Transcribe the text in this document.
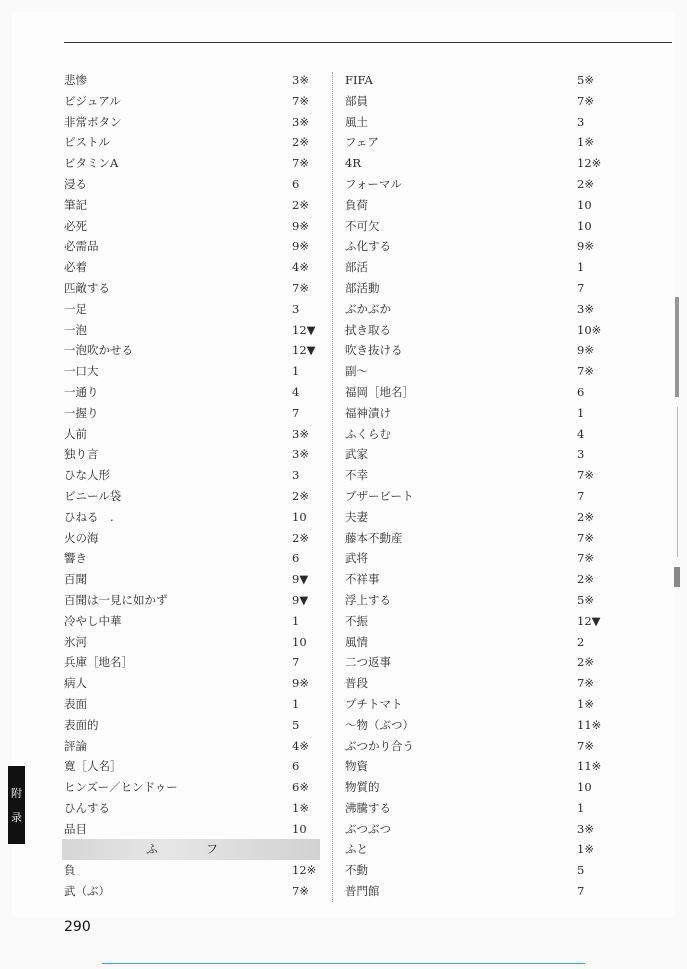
悲惨	3※
ビジュアル	7※
非常ボタン	3※
ピストル	2※
ビタミンA	7※
浸る	6
筆記	2※
必死	9※
必需品	9※
必着	4※
匹敵する	7※
一足	3
一泡	12▼
一泡吹かせる	12▼
一口大	1
一通り	4
一握り	7
人前	3※
独り言	3※
ひな人形	3
ビニール袋	2※
ひねる　.	10
火の海	2※
響き	6
百聞	9▼
百聞は一見に如かず	9▼
冷やし中華	1
氷河	10
兵庫［地名］	7
病人	9※
表面	1
表面的	5
評論	4※
寛［人名］	6
ヒンズー／ヒンドゥー	6※
ひんする	1※
品目	10
ふ　フ
負	12※
武（ぶ）	7※
FIFA	5※
部員	7※
風土	3
フェア	1※
4R	12※
フォーマル	2※
負荷	10
不可欠	10
ふ化する	9※
部活	1
部活動	7
ぶかぶか	3※
拭き取る	10※
吹き抜ける	9※
副～	7※
福岡［地名］	6
福神漬け	1
ふくらむ	4
武家	3
不幸	7※
ブザービート	7
夫妻	2※
藤本不動産	7※
武将	7※
不祥事	2※
浮上する	5※
不振	12▼
風情	2
二つ返事	2※
普段	7※
プチトマト	1※
～物（ぶつ）	11※
ぶつかり合う	7※
物資	11※
物質的	10
沸騰する	1
ぶつぶつ	3※
ふと	1※
不動	5
普門館	7
附
录
290
